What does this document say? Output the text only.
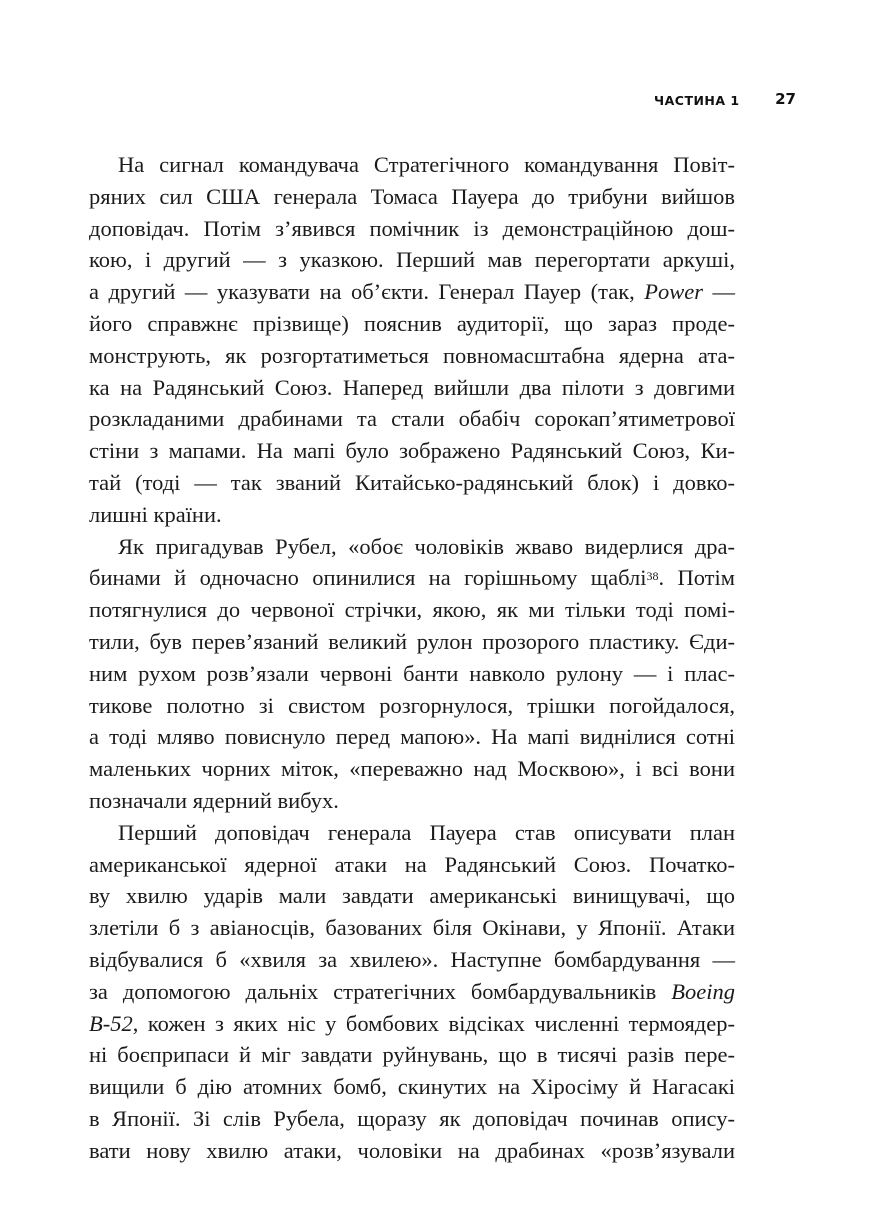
ЧАСТИНА 1 27
На сигнал командувача Стратегічного командування Повіт-
ряних сил США генерала Томаса Пауера до трибуни вийшов
доповідач. Потім з’явився помічник із демонстраційною дош-
кою, і другий — з указкою. Перший мав перегортати аркуші,
а другий — указувати на об’єкти. Генерал Пауер (так, Power —
його справжнє прізвище) пояснив аудиторії, що зараз проде-
монструють, як розгортатиметься повномасштабна ядерна ата-
ка на Радянський Союз. Наперед вийшли два пілоти з довгими
розкладаними драбинами та стали обабіч сорокап’ятиметрової
стіни з мапами. На мапі було зображено Радянський Союз, Ки-
тай (тоді — так званий Китайсько-радянський блок) і довко-
лишні країни.
Як пригадував Рубел, «обоє чоловіків жваво видерлися дра-
бинами й одночасно опинилися на горішньому щаблі$^{38}$. Потім
потягнулися до червоної стрічки, якою, як ми тільки тоді помі-
тили, був перев’язаний великий рулон прозорого пластику. Єди-
ним рухом розв’язали червоні банти навколо рулону — і плас-
тикове полотно зі свистом розгорнулося, трішки погойдалося,
а тоді мляво повиснуло перед мапою». На мапі виднілися сотні
маленьких чорних міток, «переважно над Москвою», і всі вони
позначали ядерний вибух.
Перший доповідач генерала Пауера став описувати план
американської ядерної атаки на Радянський Союз. Початко-
ву хвилю ударів мали завдати американські винищувачі, що
злетіли б з авіаносців, базованих біля Окінави, у Японії. Атаки
відбувалися б «хвиля за хвилею». Наступне бомбардування —
за допомогою дальніх стратегічних бомбардувальників Boeing
B-52, кожен з яких ніс у бомбових відсіках численні термоядер-
ні боєприпаси й міг завдати руйнувань, що в тисячі разів пере-
вищили б дію атомних бомб, скинутих на Хіросіму й Нагасакі
в Японії. Зі слів Рубела, щоразу як доповідач починав опису-
вати нову хвилю атаки, чоловіки на драбинах «розв’язували
